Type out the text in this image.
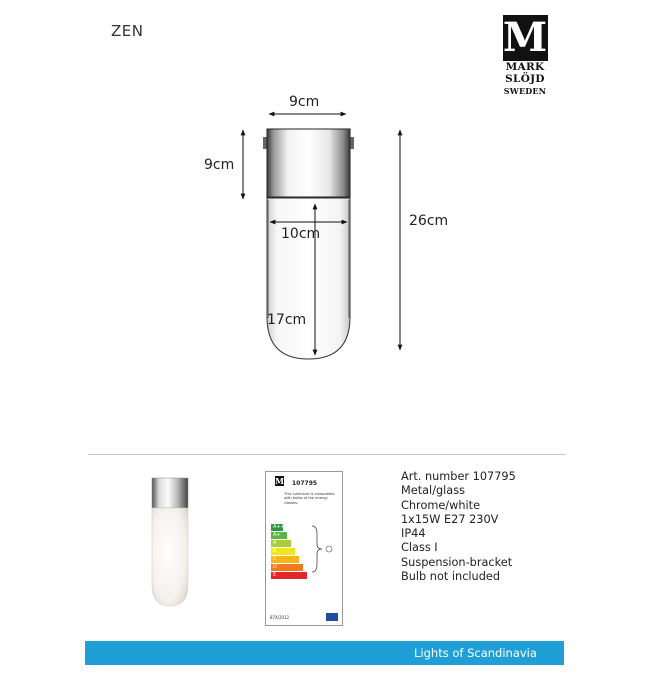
ZEN	M
MARK
SLÖJD
SWEDEN
9cm
9cm
26cm
10cm
17cm
M 107795
This luminaire is compatible with bulbs of the energy classes:
A++
A+
A
B
C
D
E
874/2012
Art. number 107795
Metal/glass
Chrome/white
1x15W E27 230V
IP44
Class I
Suspension-bracket
Bulb not included
Lights of Scandinavia
